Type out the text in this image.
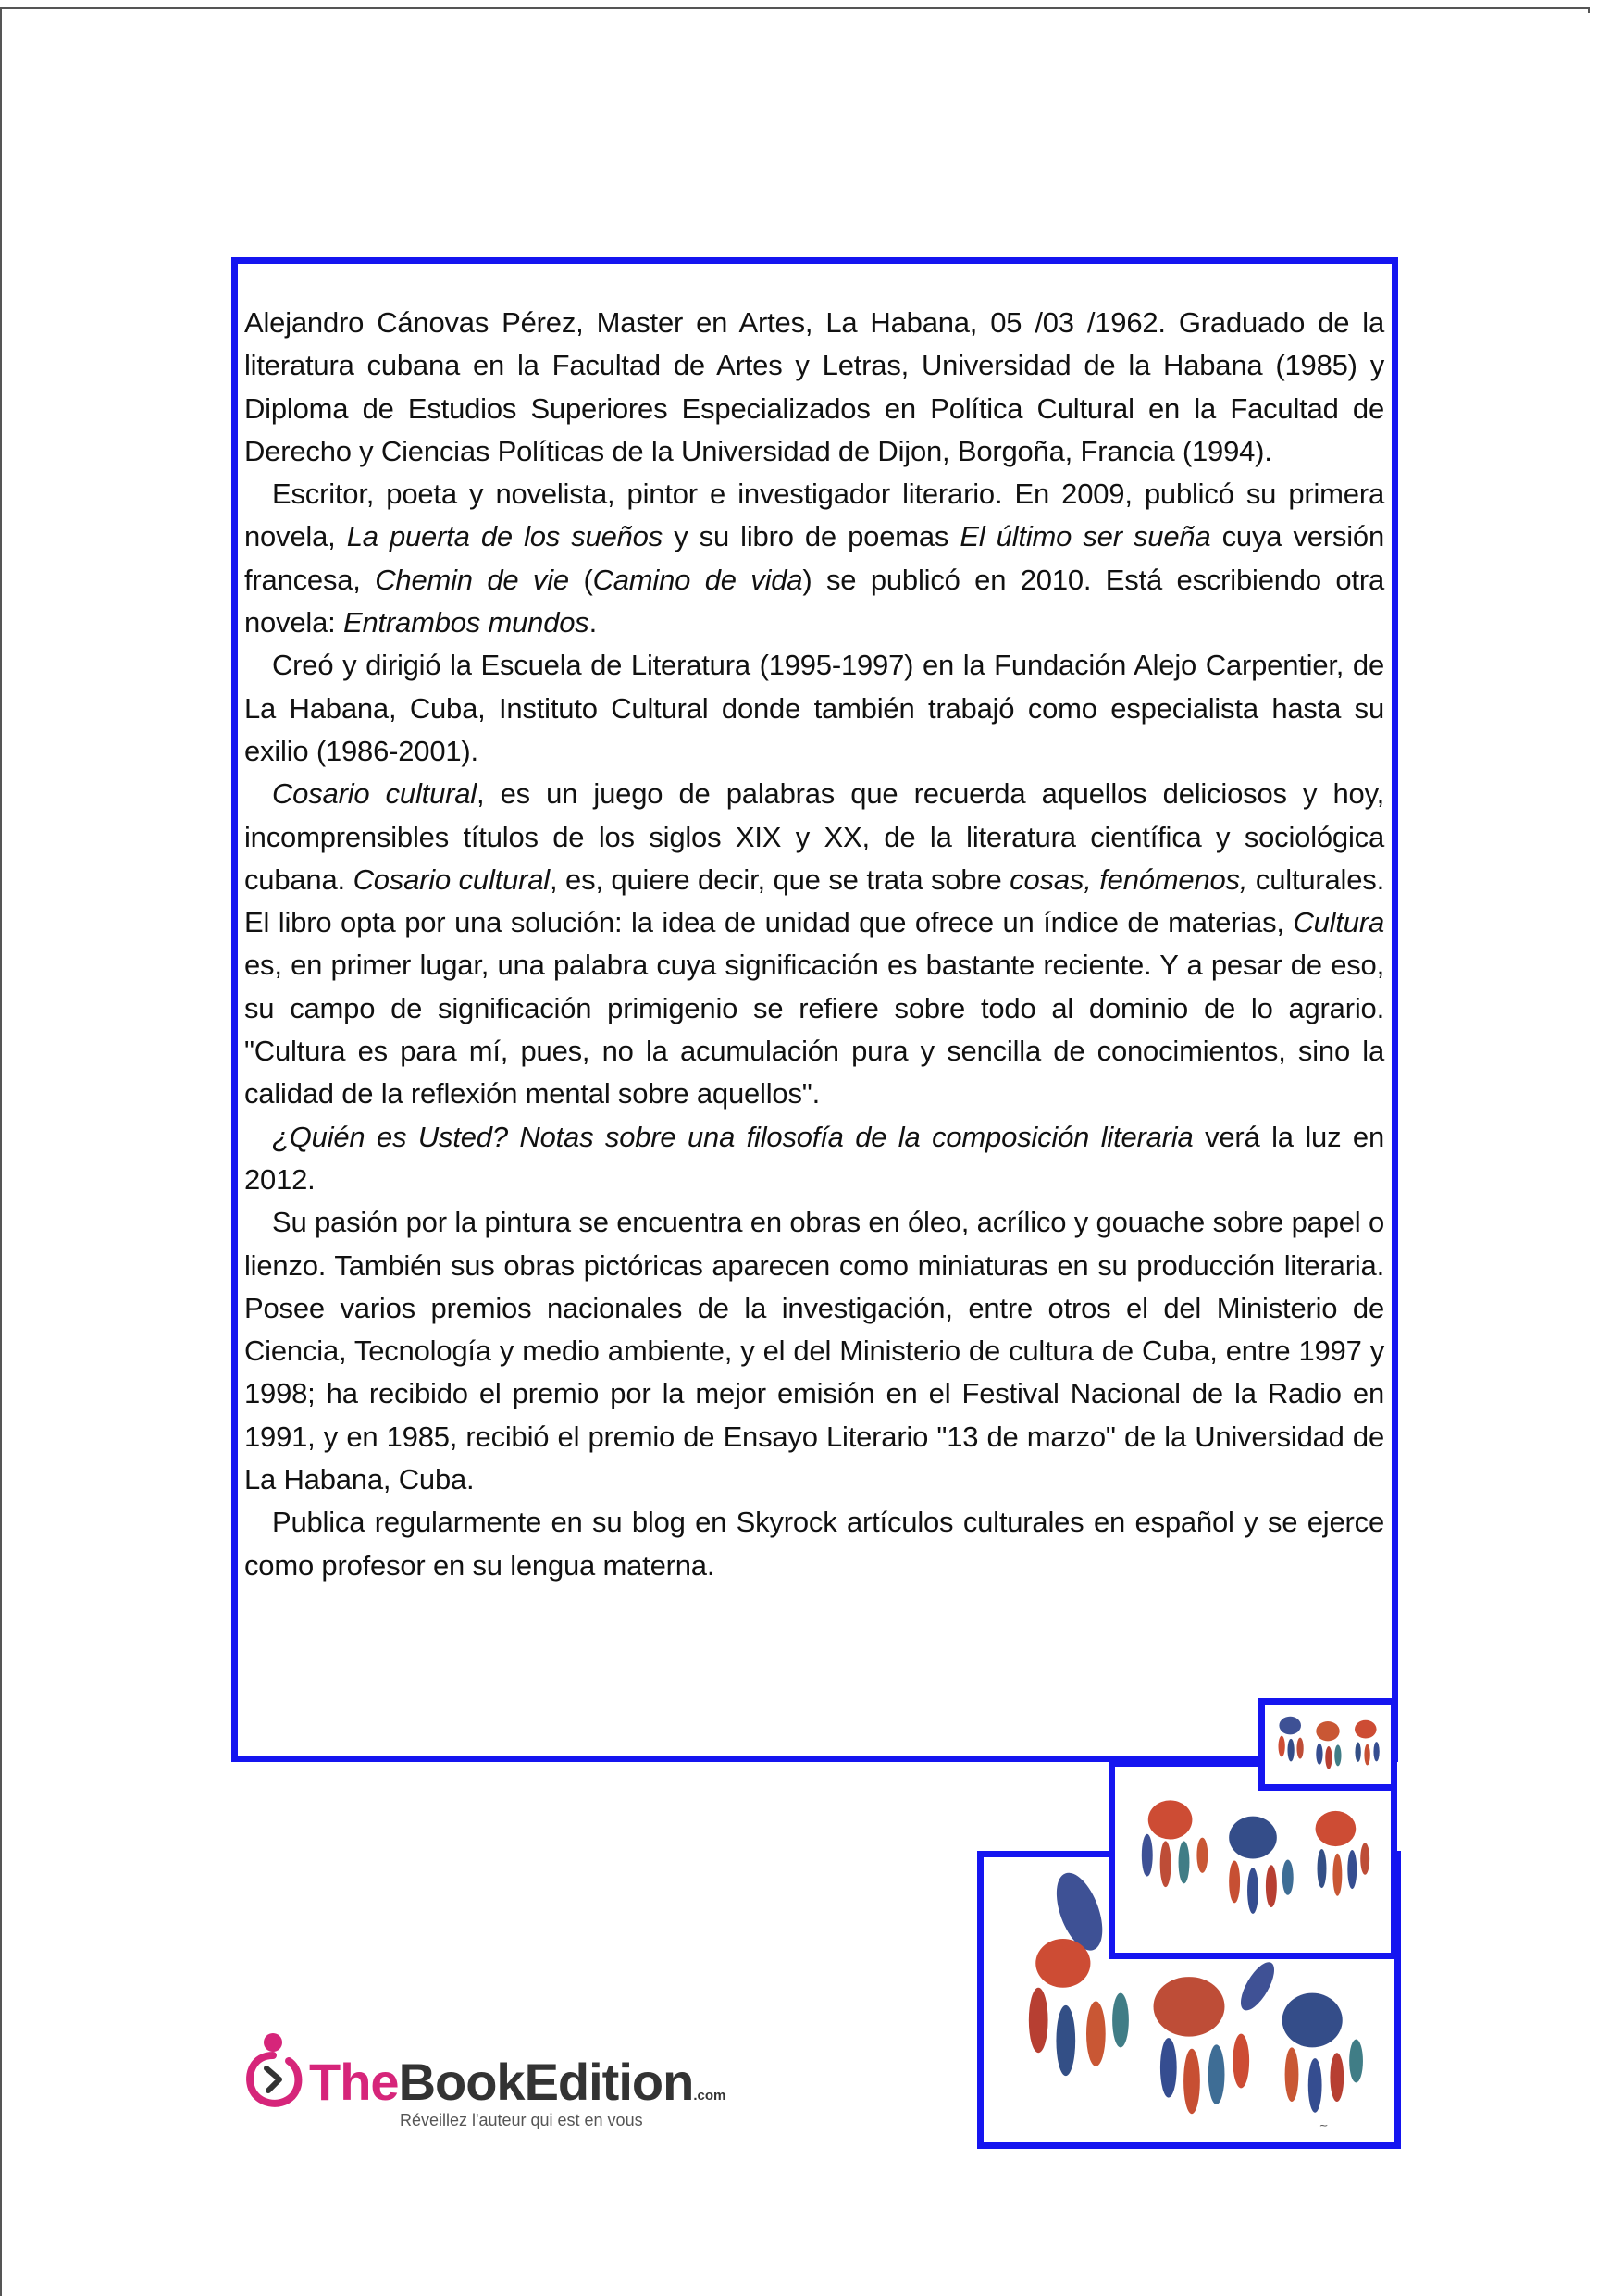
Alejandro Cánovas Pérez, Master en Artes, La Habana, 05 /03 /1962. Graduado de la literatura cubana en la Facultad de Artes y Letras, Universidad de la Habana (1985) y Diploma de Estudios Superiores Especializados en Política Cultural en la Facultad de Derecho y Ciencias Políticas de la Universidad de Dijon, Borgoña, Francia (1994).

Escritor, poeta y novelista, pintor e investigador literario. En 2009, publicó su primera novela, La puerta de los sueños y su libro de poemas El último ser sueña cuya versión francesa, Chemin de vie (Camino de vida) se publicó en 2010. Está escribiendo otra novela: Entrambos mundos.

Creó y dirigió la Escuela de Literatura (1995-1997) en la Fundación Alejo Carpentier, de La Habana, Cuba, Instituto Cultural donde también trabajó como especialista hasta su exilio (1986-2001).

Cosario cultural, es un juego de palabras que recuerda aquellos deliciosos y hoy, incomprensibles títulos de los siglos XIX y XX, de la literatura científica y sociológica cubana. Cosario cultural, es, quiere decir, que se trata sobre cosas, fenómenos, culturales. El libro opta por una solución: la idea de unidad que ofrece un índice de materias, Cultura es, en primer lugar, una palabra cuya significación es bastante reciente. Y a pesar de eso, su campo de significación primigenio se refiere sobre todo al dominio de lo agrario. "Cultura es para mí, pues, no la acumulación pura y sencilla de conocimientos, sino la calidad de la reflexión mental sobre aquellos".

¿Quién es Usted? Notas sobre una filosofía de la composición literaria verá la luz en 2012.

Su pasión por la pintura se encuentra en obras en óleo, acrílico y gouache sobre papel o lienzo. También sus obras pictóricas aparecen como miniaturas en su producción literaria. Posee varios premios nacionales de la investigación, entre otros el del Ministerio de Ciencia, Tecnología y medio ambiente, y el del Ministerio de cultura de Cuba, entre 1997 y 1998; ha recibido el premio por la mejor emisión en el Festival Nacional de la Radio en 1991, y en 1985, recibió el premio de Ensayo Literario "13 de marzo" de la Universidad de La Habana, Cuba.

Publica regularmente en su blog en Skyrock artículos culturales en español y se ejerce como profesor en su lengua materna.

~
TheBookEdition.com
Réveillez l'auteur qui est en vous
